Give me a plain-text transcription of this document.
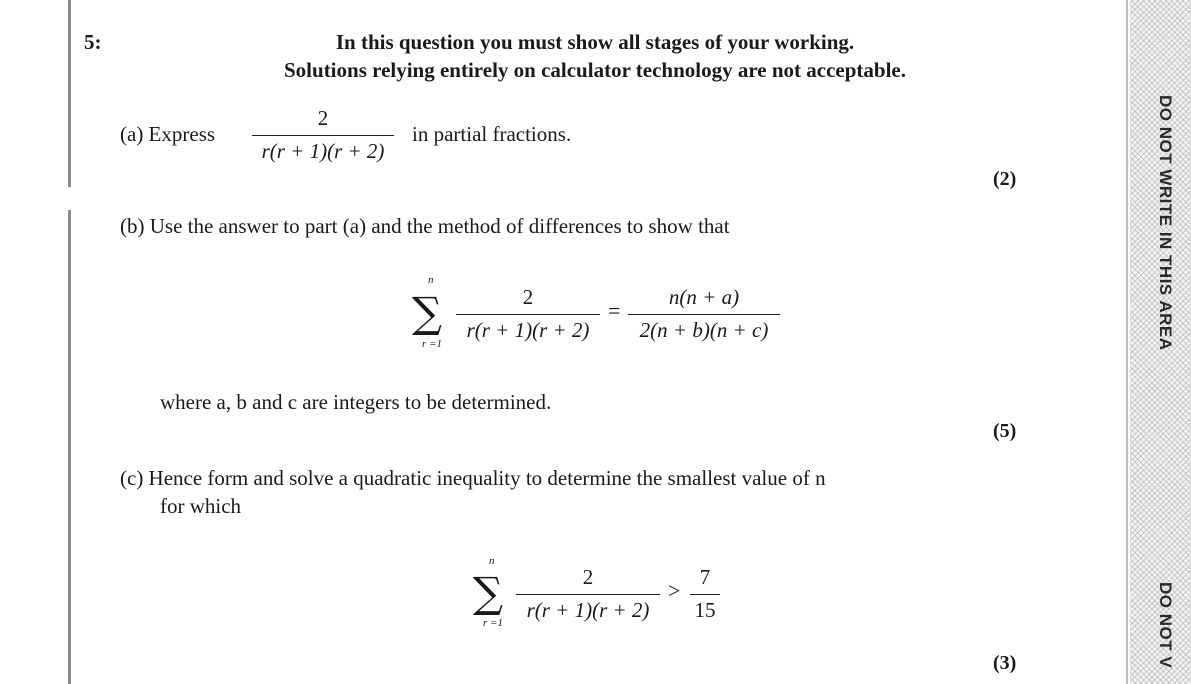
5:	In this question you must show all stages of your working.
Solutions relying entirely on calculator technology are not acceptable.
(a) Express
2
r(r + 1)(r + 2)
in partial fractions.
(2)
(b) Use the answer to part (a) and the method of differences to show that
n
∑
r =1
2
r(r + 1)(r + 2)
=
n(n + a)
2(n + b)(n + c)
where a, b and c are integers to be determined.
(5)
(c) Hence form and solve a quadratic inequality to determine the smallest value of n
for which
n
∑
r =1
2
r(r + 1)(r + 2)
>
7
15
(3)
DO NOT WRITE IN THIS AREA
DO NOT V
